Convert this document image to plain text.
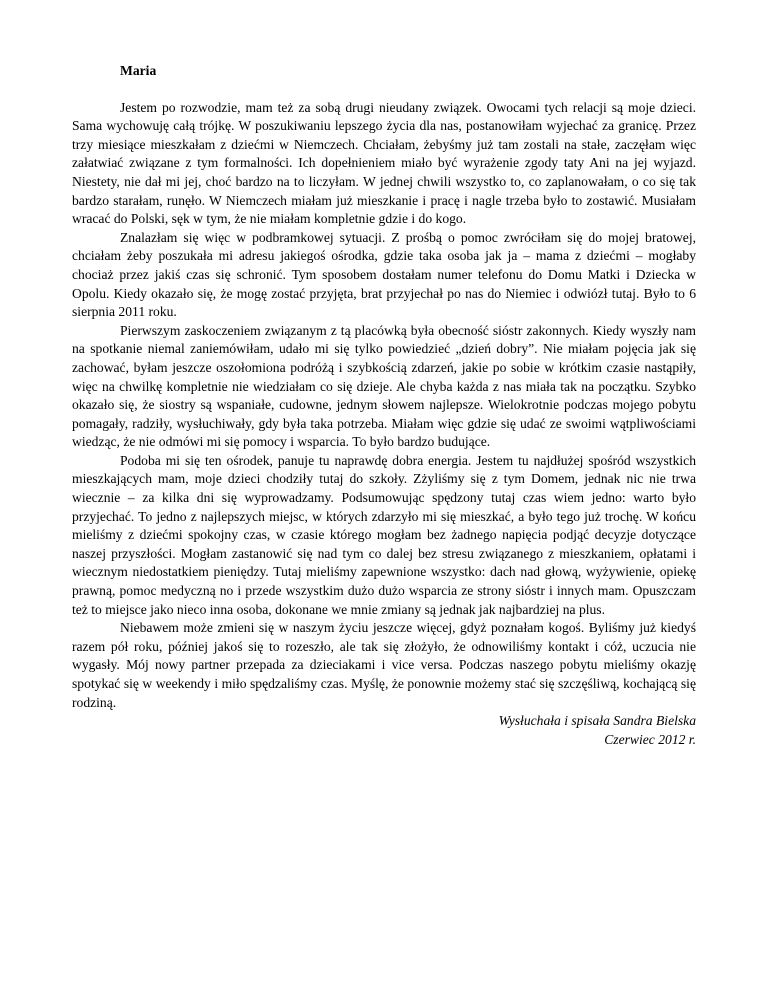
Maria

Jestem po rozwodzie, mam też za sobą drugi nieudany związek. Owocami tych relacji są moje dzieci. Sama wychowuję całą trójkę. W poszukiwaniu lepszego życia dla nas, postanowiłam wyjechać za granicę. Przez trzy miesiące mieszkałam z dziećmi w Niemczech. Chciałam, żebyśmy już tam zostali na stałe, zaczęłam więc załatwiać związane z tym formalności. Ich dopełnieniem miało być wyrażenie zgody taty Ani na jej wyjazd. Niestety, nie dał mi jej, choć bardzo na to liczyłam. W jednej chwili wszystko to, co zaplanowałam, o co się tak bardzo starałam, runęło. W Niemczech miałam już mieszkanie i pracę i nagle trzeba było to zostawić. Musiałam wracać do Polski, sęk w tym, że nie miałam kompletnie gdzie i do kogo.

Znalazłam się więc w podbramkowej sytuacji. Z prośbą o pomoc zwróciłam się do mojej bratowej, chciałam żeby poszukała mi adresu jakiegoś ośrodka, gdzie taka osoba jak ja – mama z dziećmi – mogłaby chociaż przez jakiś czas się schronić. Tym sposobem dostałam numer telefonu do Domu Matki i Dziecka w Opolu. Kiedy okazało się, że mogę zostać przyjęta, brat przyjechał po nas do Niemiec i odwiózł tutaj. Było to 6 sierpnia 2011 roku.

Pierwszym zaskoczeniem związanym z tą placówką była obecność sióstr zakonnych. Kiedy wyszły nam na spotkanie niemal zaniemówiłam, udało mi się tylko powiedzieć „dzień dobry”. Nie miałam pojęcia jak się zachować, byłam jeszcze oszołomiona podróżą i szybkością zdarzeń, jakie po sobie w krótkim czasie nastąpiły, więc na chwilkę kompletnie nie wiedziałam co się dzieje. Ale chyba każda z nas miała tak na początku. Szybko okazało się, że siostry są wspaniałe, cudowne, jednym słowem najlepsze. Wielokrotnie podczas mojego pobytu pomagały, radziły, wysłuchiwały, gdy była taka potrzeba. Miałam więc gdzie się udać ze swoimi wątpliwościami wiedząc, że nie odmówi mi się pomocy i wsparcia. To było bardzo budujące.

Podoba mi się ten ośrodek, panuje tu naprawdę dobra energia. Jestem tu najdłużej spośród wszystkich mieszkających mam, moje dzieci chodziły tutaj do szkoły. Zżyliśmy się z tym Domem, jednak nic nie trwa wiecznie – za kilka dni się wyprowadzamy. Podsumowując spędzony tutaj czas wiem jedno: warto było przyjechać. To jedno z najlepszych miejsc, w których zdarzyło mi się mieszkać, a było tego już trochę. W końcu mieliśmy z dziećmi spokojny czas, w czasie którego mogłam bez żadnego napięcia podjąć decyzje dotyczące naszej przyszłości. Mogłam zastanowić się nad tym co dalej bez stresu związanego z mieszkaniem, opłatami i wiecznym niedostatkiem pieniędzy. Tutaj mieliśmy zapewnione wszystko: dach nad głową, wyżywienie, opiekę prawną, pomoc medyczną no i przede wszystkim dużo dużo wsparcia ze strony sióstr i innych mam. Opuszczam też to miejsce jako nieco inna osoba, dokonane we mnie zmiany są jednak jak najbardziej na plus.

Niebawem może zmieni się w naszym życiu jeszcze więcej, gdyż poznałam kogoś. Byliśmy już kiedyś razem pół roku, później jakoś się to rozeszło, ale tak się złożyło, że odnowiliśmy kontakt i cóż, uczucia nie wygasły. Mój nowy partner przepada za dzieciakami i vice versa. Podczas naszego pobytu mieliśmy okazję spotykać się w weekendy i miło spędzaliśmy czas. Myślę, że ponownie możemy stać się szczęśliwą, kochającą się rodziną.

Wysłuchała i spisała Sandra Bielska

Czerwiec 2012 r.
